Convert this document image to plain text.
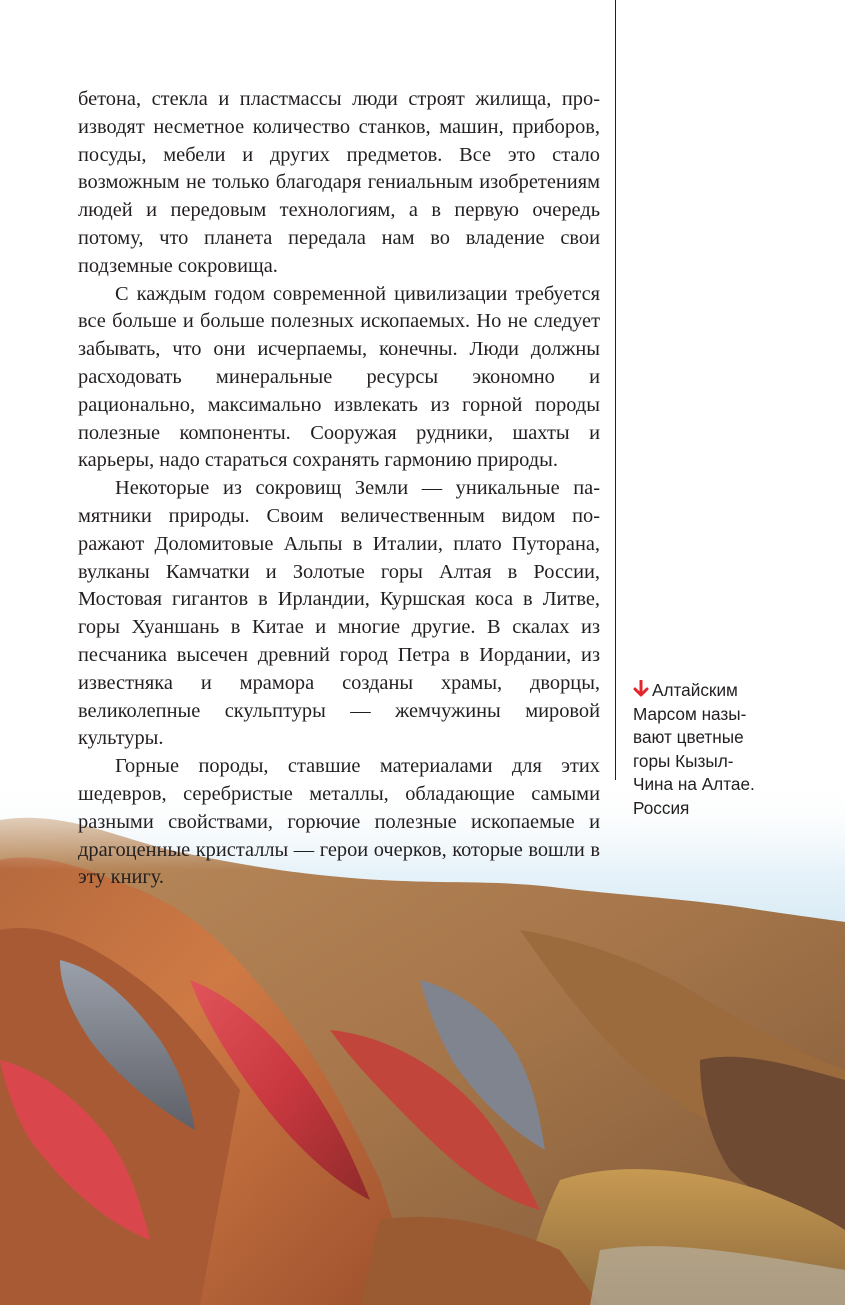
бетона, стекла и пластмассы люди строят жилища, производят несметное количество станков, машин, приборов, посуды, мебели и других предметов. Все это стало возможным не только благодаря гениальным изобретениям людей и передовым технологиям, а в первую очередь потому, что планета передала нам во владение свои подземные сокровища.

С каждым годом современной цивилизации требуется все больше и больше полезных ископаемых. Но не следует забывать, что они исчерпаемы, конечны. Люди должны расходовать минеральные ресурсы экономно и рационально, максимально извлекать из горной породы полезные компоненты. Сооружая рудники, шахты и карьеры, надо стараться сохранять гармонию природы.

Некоторые из сокровищ Земли — уникальные памятники природы. Своим величественным видом поражают Доломитовые Альпы в Италии, плато Путорана, вулканы Камчатки и Золотые горы Алтая в России, Мостовая гигантов в Ирландии, Куршская коса в Литве, горы Хуаншань в Китае и многие другие. В скалах из песчаника высечен древний город Петра в Иордании, из известняка и мрамора созданы храмы, дворцы, великолепные скульптуры — жемчужины мировой культуры.

Горные породы, ставшие материалами для этих шедевров, серебристые металлы, обладающие самыми разными свойствами, горючие полезные ископаемые и драгоценные кристаллы — герои очерков, которые вошли в эту книгу.

Алтайским
Марсом назы-
вают цветные
горы Кызыл-
Чина на Алтае.
Россия
